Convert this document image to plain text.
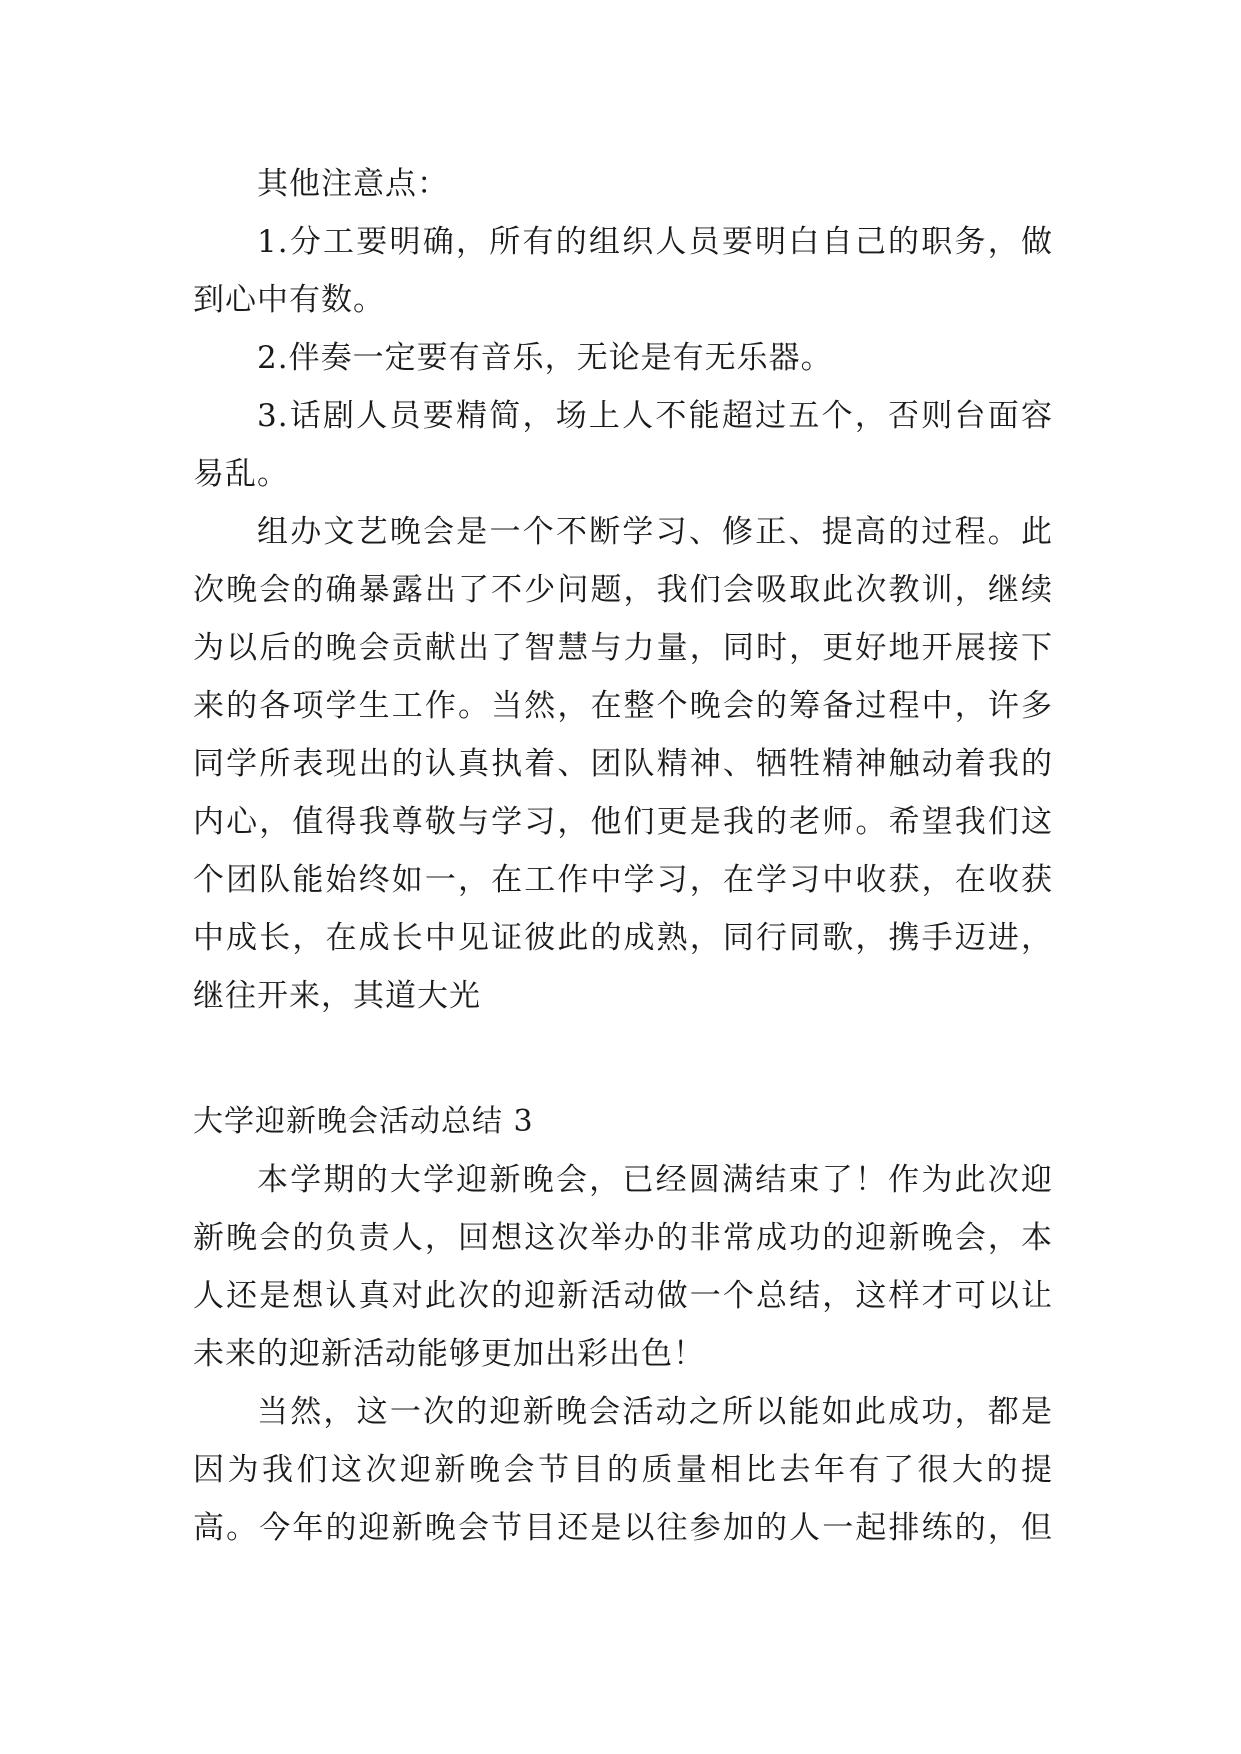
其他注意点：
1.分工要明确，所有的组织人员要明白自己的职务，做
到心中有数。
2.伴奏一定要有音乐，无论是有无乐器。
3.话剧人员要精简，场上人不能超过五个，否则台面容
易乱。
组办文艺晚会是一个不断学习、修正、提高的过程。此
次晚会的确暴露出了不少问题，我们会吸取此次教训，继续
为以后的晚会贡献出了智慧与力量，同时，更好地开展接下
来的各项学生工作。当然，在整个晚会的筹备过程中，许多
同学所表现出的认真执着、团队精神、牺牲精神触动着我的
内心，值得我尊敬与学习，他们更是我的老师。希望我们这
个团队能始终如一，在工作中学习，在学习中收获，在收获
中成长，在成长中见证彼此的成熟，同行同歌，携手迈进，
继往开来，其道大光
大学迎新晚会活动总结 3
本学期的大学迎新晚会，已经圆满结束了！作为此次迎
新晚会的负责人，回想这次举办的非常成功的迎新晚会，本
人还是想认真对此次的迎新活动做一个总结，这样才可以让
未来的迎新活动能够更加出彩出色！
当然，这一次的迎新晚会活动之所以能如此成功，都是
因为我们这次迎新晚会节目的质量相比去年有了很大的提
高。今年的迎新晚会节目还是以往参加的人一起排练的，但
